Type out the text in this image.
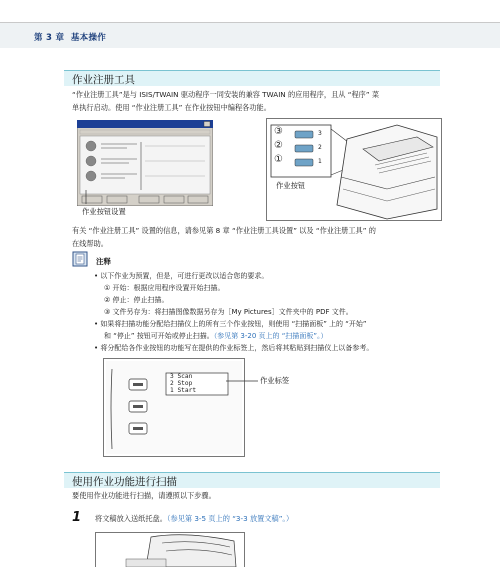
第 3 章 基本操作
作业注册工具
“作业注册工具”是与 ISIS/TWAIN 驱动程序一同安装的兼容 TWAIN 的应用程序，且从 “程序” 菜
单执行启动。使用 “作业注册工具” 在作业按钮中编程各功能。
作业按钮设置
③
②
①
3
2
1
作业按钮
有关 “作业注册工具” 设置的信息，请参见第 8 章 “作业注册工具设置” 以及 “作业注册工具” 的
在线帮助。
注释
• 以下作业为预置，但是，可进行更改以适合您的要求。
① 开始：根据应用程序设置开始扫描。
② 停止：停止扫描。
③ 文件另存为：将扫描图像数据另存为［My Pictures］文件夹中的 PDF 文件。
• 如果将扫描功能分配给扫描仪上的所有三个作业按钮，则使用 “扫描面板” 上的 “开始”
和 “停止” 按钮可开始或停止扫描。（参见第 3-20 页上的 “扫描面板”。）
• 将分配给各作业按钮的功能写在提供的作业标签上，然后将其粘贴到扫描仪上以备参考。
3 Scan
2 Stop
1 Start
作业标签
使用作业功能进行扫描
要使用作业功能进行扫描，请遵照以下步骤。
1 将文稿放入送纸托盘。（参见第 3-5 页上的 “3-3 放置文稿”。）
